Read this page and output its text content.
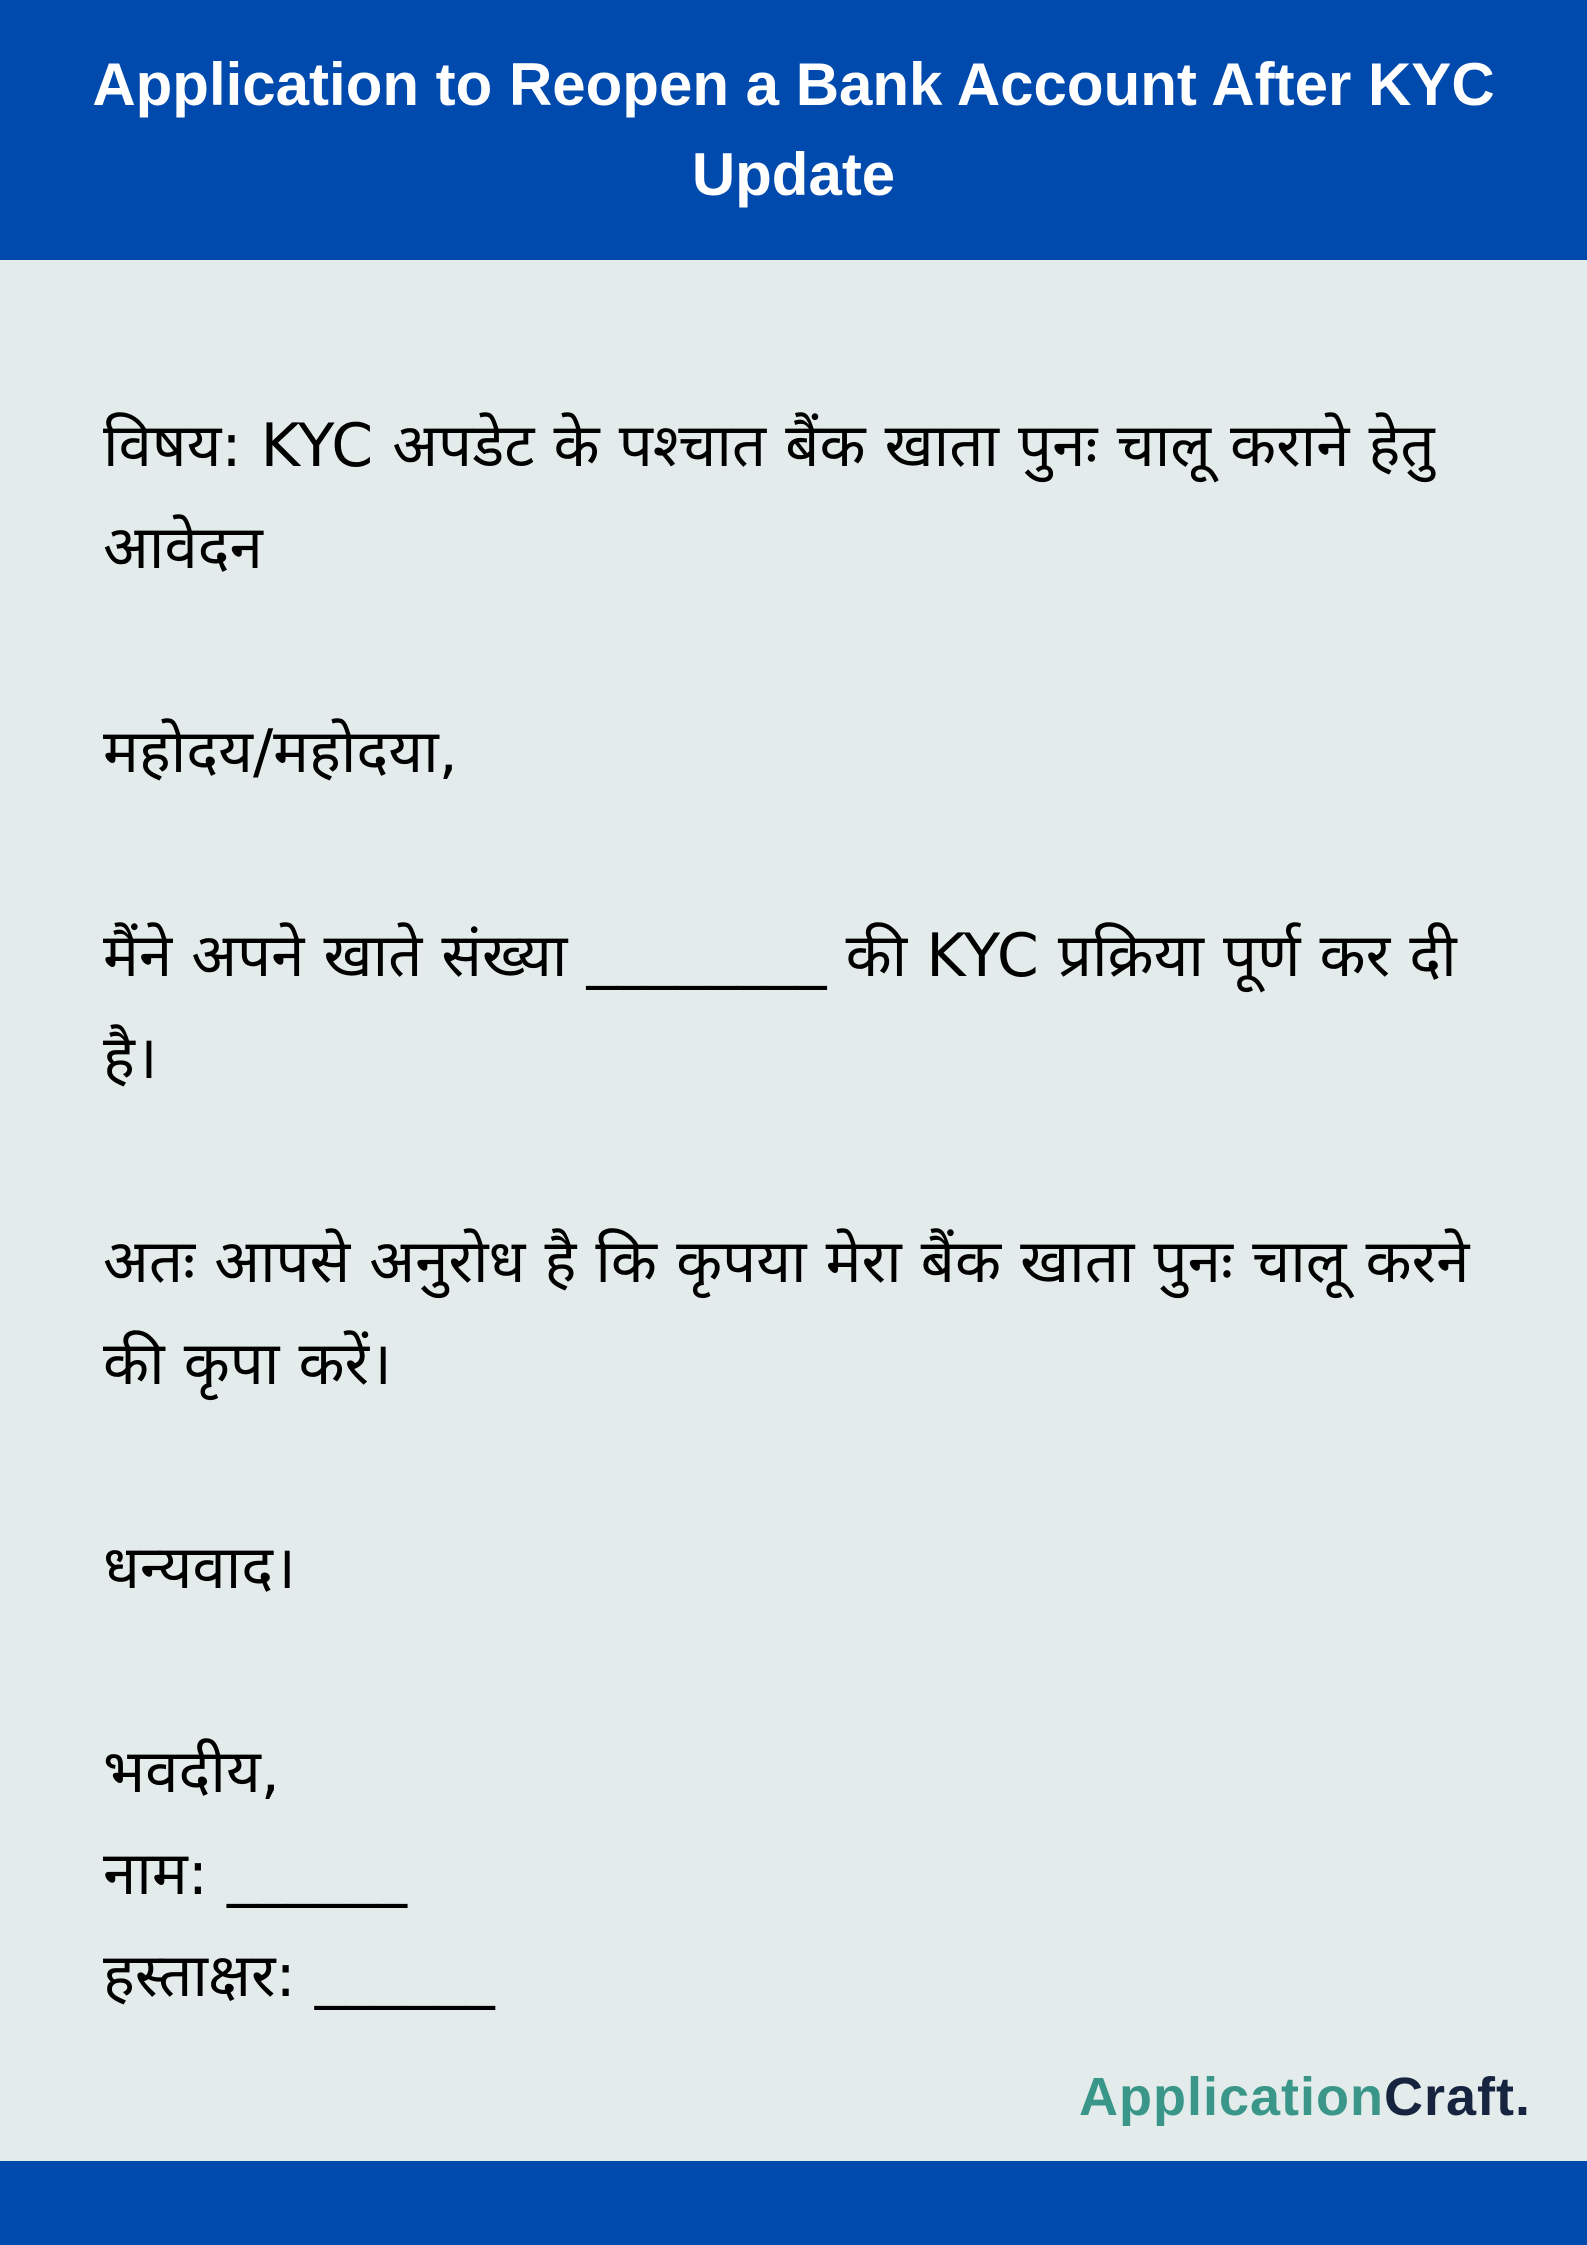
Application to Reopen a Bank Account After KYC Update

विषय: KYC अपडेट के पश्चात बैंक खाता पुनः चालू कराने हेतु आवेदन

महोदय/महोदया,

मैंने अपने खाते संख्या ________ की KYC प्रक्रिया पूर्ण कर दी है।

अतः आपसे अनुरोध है कि कृपया मेरा बैंक खाता पुनः चालू करने की कृपा करें।

धन्यवाद।

भवदीय,

नाम: ______

हस्ताक्षर: ______

ApplicationCraft.
